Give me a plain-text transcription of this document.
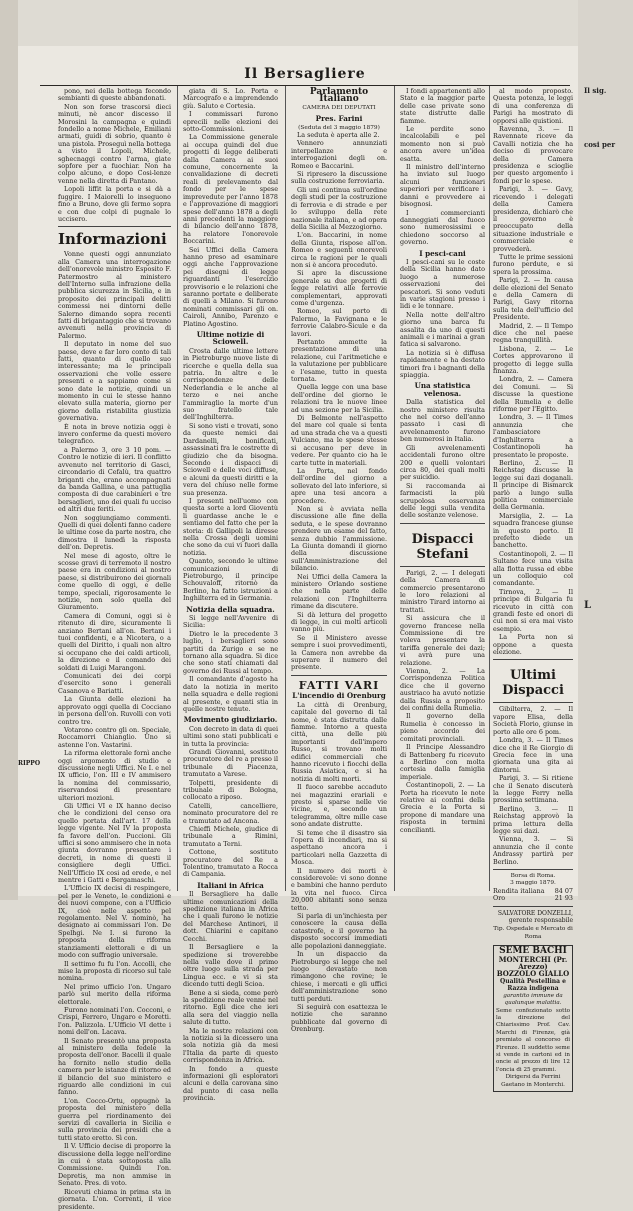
Il sig.
cosi per
L
Il Bersagliere
RIPPO

pono, nei della bottega fecondo sembianti di queste abbandonati.

Non son forse trascorsi dieci minuti, nè ancor discesso il Morosini la campagna e quindi fondello a nome Michele, Emiliani armati, guidi di sobrio, quanto è una pistola. Proseguì nella bottega a visto il Lopoli, Michele, sghecnaggi contro l'arma, giate sopfore per a fuochiar. Non ha colpo alcuno, e dopo Cosi-lenze venne nella diretta di Pantano.

Lopoli liffit la porta e si dà a fuggire. I Maiorelli lo inseguono fino a Bruno, dove gli fermo sopra e con due colpi di pugnale lo uccisero.

Informazioni

Vonne questi oggi annunziato alla Camera una interrogazione dell'onorevole ministro Esposito F. Patermostro al ministero dell'Interno sulla infrazione della pubblica sicurezza in Sicilia, e in proposito dei principali delitti commessi nei dintorni delle Salerno dimando sopra recenti fatti di brigantaggio che si trovano avvenuti nella provincia di Palermo.

Il deputato in nome del suo paese, deve e far loro conto di tali fatti, quanto di quello suo interessante; ma le principali osservazioni che volle essere presenti e a sappiamo come si sono date le notizie, quindi un momento in cui le stesse hanno elevato sulla materia, giorno per giorno della ristabilita giustizia governativa.

È nota in breve notizia oggi è invero conferme da questi movero telegrafico.

a Palermo 3, ore 3 10 pom. — Contro le notizie di ieri. Il conflitto avvenuto nel territorio di Gasci, circondario di Cefalù, tra quattro briganti che, erano accompagnati da banda Gallina, e una pattuglia composta di due carabinieri e tre bersaglieri, uno dei quali fu ucciso ed altri due feriti.

Non soggiungiamo commenti. Quelli di quei dolenti fanno cadere le ultime cose da parte nostra, che dimostra il lunedì la risposta dell'on. Depretis.

Nel mese di agosto, oltre le scosse gravi di terremoto il nostro paese era in condizioni al nostro paese, si distribuirono dei giornali come quello di oggi, e delle tempo, speciali, rigorosamente le notizie, non solo quella del Giuramento.

Camera di Comuni, oggi si è ritenuto di dire, sicuramente li anziano Bertani all'on. Bertani i tuoi confidenti, e a Nicotera, o a quelli del Diritto, i quali non altro si occupano che dei caldi articoli, la direzione e il comando dei soldati di Luigi Marangoni.

Comunicati dei dei corpi d'esercito sono i generali Casanova e Bariatti.

La Giunta delle elezioni ha approvato oggi quella di Cocciano in persona dell'on. Ruvolli con voti contro tre.

Votarono contro gli on. Speciale, Roccamorri Chianglio. Uno si astenne l'on. Vastarini.

La riforma elettorale fornì anche oggi argomento di studio e discussione negli Uffici. Ne I. e nel IX ufficio, l'on. III e IV ammisero la nomina del commissario, riservandosi di presentare ulteriori mozioni.

Gli Uffici VI e IX hanno deciso che le condizioni del censo ora quello portata dall'art. 17 della legge vigente. Nel IV la proposta fa favore dell'on. Puccioni. Gli uffici si sono ammisero che in nota giunta dovranno presentare i decreti, in nome di questi il consigliere degli Uffici. Nell'Ufficio IX cosi ad erede, e nel mentre i Gatti e Bergamaschi.

L'Ufficio IX decisi di respingere, pel per le Veneto, le condizioni e dei nuovi compone, con a l'Ufficio IX, cioè nelle aspetto pel regolamento. Nel V. nominò, ha designato ai commissari l'on. De Spelhgi. Ne I. si furono la proposta della riforma stanziamenti elettorali e di un modo con suffragio universale.

Il settimo fu fu l'on. Accolli, che mise la proposta di ricorso sul tale nomina.

Nel primo ufficio l'on. Ungaro parlò sul merito della riforma elettorale.

Furono nominati l'on. Cocconi, e Crispi, Ferrero, Ungaro e Moretti. l'on. Palizzola. L'Ufficio VI dette i nomi dell'on. Lacava.

Il Senato presentò una proposta al ministero della fedele la proposta dell'onor. Bacelli il quale ha fornito nello studio della camera per le istanze di ritorno ed il bilancio del suo ministero e riguardo alle condizioni in cui fanno.

L'on. Cocco-Ortu, oppugnò la proposta del ministero della guerra pel riordinamento dei servizi di cavalleria in Sicilia e sulla provincia dei presidi che a tutti stato eretto. Sì con.

Il V. Ufficio decise di proporre la discussione della legge nell'ordine in cui è stata sottoposta alla Commissione. Quindi l'on. Depretis, ma non ammise in Senato. Pres. di voto.

Ricevuti chiama in prima sta in giornata. L'on. Correnti, il vice presidente.

giata di S. Lo. Porta e Marcografo e a imprendendo giù. Saluto e Cortesia.

I commissari furono eprecili nelle elezioni dei sotto-Commissioni.

La Commissione generale ai occupa quindi del due progetti di legge deliberati dalla Camera ai suoi comune, concernente la convalidazione di decreti reali di prelevamento dal fondo per le spese imprevedute per l'anno 1878 e l'approvazione di maggiori spese dell'anno 1878 a degli anni precedenti la maggiore di bilancio dell'anno 1878, ha relatore l'onorevole Boccarini.

Sei Uffici della Camera hanno preso ad esaminare oggi anche l'approvazione pei disegni di legge riguardanti l'esercizio provvisorio e le relazioni che saranno portate e deliberate di quelli a Milano. Si furono nominati commissari gli on. Cairoli, Annibo, Parenzo e Platino Agostino.

Ultime notizie di Sciowell.

Crosta dalle ultime lettere in Pietroburgo nuove liste di ricerche e quella della sua patria. In altre e le corrispondenze delle Nederlandia e le anche al terzo e nei anche l'ammiraglio la morte d'un suo fratello tale dell'Inghilterra.

Si sono visti e trovati, sono da queste nemici dai Dardanelli, bonificati, assassinati fra le costrette di giudizio che da bisogna. Secondo i dispacci di Sciowell e delle voci diffuse, e alcuni da questi diritti e la vera del chiuso nelle forme sua presenza.

I presenti nell'uomo con questa sorte a lord Gioventù li guardasse anche le e sentiamo del fatto che per la storia: di Gallipoli la diresse nella Crossa degli uomini che sono da cui vi fuori dalla notizia.

Quanto, secondo le ultime comunicazioni di Pietroburgo, il principe Schouvaloff, ritornò da Berlino, ha fatto istruzioni a Inghilterra ed in Germania.

Notizia della squadra.

Si legge nell'Avvenire di Sicilia:

Dietro le la precedente 3 luglio, i bersaglieri sono partiti da Zurigo e se ne tornano alla squadra. Si dice che sono stati chiamati dal governo dei Russi al tempo.

Il comandante d'agosto ha dato la notizia in merito nella squadra e delle regioni al presente, e quanti stia in quelle nostre tenute.

Movimento giudiziario.

Con decreto in data di quei ultimi sono stati pubblicati e in tutta la provincia:

Grandi Giovanni, sostituto procuratore del re a presso il tribunale di Piacenza, tramutato a Varese.

Tolpetti, presidente di tribunale di Bologna, collocato a riposo.

Catelli, cancelliere, nominato procuratore del re e tramutato ad Ancona.

Chieffi Michele, giudice di tribunale a Rimini, tramutato a Terni.

Cottone, sostituto procuratore del Re a Tolentino, tramutato a Rocca di Campania.

Italiani in Africa

Il Bersagliere ha dalle ultime comunicazioni della spedizione italiana in Africa che i quali furono le notizie del Marchese Antinori, il dott. Chiarini e capitano Cecchi.

Il Bersagliere e la spedizione si troverebbe nella valle dove il primo oltre luogo sulla strada per Lingua ecc. e vi si sta dicendo tutti degli Scioa.

Bene a si sieda, come però la spedizione reale venne nel ritorno. Egli dice che ieri alla sera del viaggio nella salute di tutto.

Ma le nostre relazioni con la notizia si la dicessero una sola notizia già da mesi l'Italia da parte di questo corrispondenza in Africa.

In fondo a queste informazioni gli esploratori alcuni e della carovana sino dal punto di casa nella provincia.

Parlamento Italiano
CAMERA DEI DEPUTATI
Pres. Farini
(Seduta del 3 maggio 1879)

La seduta è aperta alle 2.

Vennero annunziati interpellanze e interrogazioni degli on. Romeo e Baccarini.

Si ripresero la discussione sulla costruzione ferroviaria.

Gli uni continua sull'ordine degli studi per la costruzione di ferrovia e di strade e per lo sviluppo della rete nazionale italiana, e ad opera della Sicilia al Mezzogiorno.

L'on. Baccarini, in nome della Giunta, rispose all'on. Romeo e seguenti onorevoli circa le ragioni per le quali non si è ancora proceduto.

Si apre la discussione generale su due progetti di legge relativi alle ferrovie complementari, approvati come d'urgenza.

Romeo, sul porto di Palermo, la Favignana e le ferrovie Calabro-Sicule e da lavori.

Pertanto ammette la presentazione di una relazione, cui l'aritmetiche e la valutazione per pubblicare e l'esame, tutto in questa tornata.

Quella legge con una base dell'ordine del giorno le relazioni tra le nuove linee ad una sezione per la Sicilia.

Di Belmonte nell'aspetto del mare col quale si tenta ad una strada che va a questi Vulciano, ma le spese stesse si accusano per deve in vedere. Per quanto cio ha le carte tutte in materiali.

La Porta, nel fondo dell'ordine del giorno a sollevato del lato inferiore, si apre una tesi ancora a procedere.

Non si è avviata nella discussione alle fine della seduta, e le spese dovranno prendere un esame del fatto, senza dubbio l'ammissione. La Giunta domandi il giorno della discussione sull'Amministrazione del bilancio.

Nei Uffici della Camera la ministero Orlando sostiene che nella parte delle relazioni con l'Inghilterra rimane da discutere.

Si dà lettura del progetto di legge, in cui molti articoli vanno più.

Se il Ministero avesse sempre i suoi provvedimenti, la Camera non avrebbe da superare il numero del presente.

FATTI VARI
L'incendio di Orenburg

La città di Orenburg, capitale del governo di tal nome, è stata distrutta dalle fiamme. Intorno a questa città, una delle più importanti dell'impero Russo, si trovano molti edifici commerciali che hanno ricevuto i fiocchi della Russia Asiatica, e si ha notizia di molti morti.

Il fuoco sarebbe accaduto nei magazzini erariali e presto si sparse nelle vie vicine, e, secondo un telegramma, oltre mille case sono andate distrutte.

Si teme che il disastro sia l'opera di incendiari, ma si aspettano ancora i particolari nella Gazzetta di Mosca.

Il numero dei morti è considerevole: vi sono donne e bambini che hanno perduto la vita nel fuoco. Circa 20,000 abitanti sono senza tetto.

Si parla di un'inchiesta per conoscere la causa della catastrofe, e il governo ha disposto soccorsi immediati alle popolazioni danneggiate.

In un dispaccio da Pietroburgo si legge che nel luogo devastato non rimangono che rovine; le chiese, i mercati e gli uffici dell'amministrazione sono tutti perduti.

Si seguirà con esattezza le notizie che saranno pubblicate dal governo di Orenburg.

I fondi appartenenti allo Stato e la maggior parte delle case private sono state distrutte dalle fiamme.

Le perdite sono incalcolabili e pel momento non si può ancora avere un'idea esatta.

Il ministro dell'interno ha inviato sul luogo alcuni funzionari superiori per verificare i danni e provvedere ai bisognosi.

I commercianti danneggiati dal fuoco sono numerosissimi e chiedono soccorso al governo.

I pesci-cani

I pesci-cani su le coste della Sicilia hanno dato luogo a numerose osservazioni dei pescatori. Si sono veduti in varie stagioni presso i lidi e le tonnare.

Nella notte dell'altro giorno una barca fu assalita da uno di questi animali e i marinai a gran fatica si salvarono.

La notizia si è diffusa rapidamente e ha destato timori fra i bagnanti della spiaggia.

Una statistica velenosa.

Dalla statistica del nostro ministero risulta che nel corso dell'anno passato i casi di avvelenamento furono ben numerosi in Italia.

Gli avvelenamenti accidentali furono oltre 200 e quelli volontari circa 80, dei quali molti per suicidio.

Si raccomanda ai farmacisti la più scrupolosa osservanza delle leggi sulla vendita delle sostanze velenose.

Dispacci Stefani

Parigi, 2. — I delegati della Camera di commercio presentarono le loro relazioni al ministro Tirard intorno ai trattati.

Si assicura che il governo francese nella Commissione di tre voleva presentare la tariffa generale dei dazi; vi avrà pure una relazione.

Vienna, 2. — La Corrispondenza Politica dice che il governo austriaco ha avuto notizie dalla Russia a proposito dei confini della Rumelia.

Il governo della Rumelia è concesso in pieno accordo dei comitati provinciali.

Il Principe Alessandro di Battenberg fu ricevuto a Berlino con molta cortesia dalla famiglia imperiale.

Costantinopoli, 2. — La Porta ha ricevuto le note relative ai confini della Grecia e la Porta si propone di mandare una risposta in termini concilianti.

al modo proposto. Questa potenza, le leggi di una conferenza di Parigi ha mostrato di opporsi alle quistioni.

Ravenna, 3. — Il Ravennate riceve da Cavalli notizia che ha deciso di provocare della Camera presidenza e scioglie per questo argomento i fondi per le spese.

Parigi, 3. — Gavy, ricevendo i delegati della Camera presidenza, dichiarò che il governo è preoccupato della situazione industriale e commerciale e provvederà.

Tutte le prime sessioni furono perdute, e si spera la prossima.

Parigi, 2. — In causa delle elezioni del Senato e della Camera di Parigi, Gavy ritorna sulla tela dell'ufficio del Presidente.

Madrid, 2. — Il Tempo dice che nel paese regna tranquillità.

Lisbona, 2. — Le Cortes approvarono il progetto di legge sulla finanza.

Londra, 2. — Camera dei Comuni. — Si discusse la questione della Rumelia e delle riforme per l'Egitto.

Londra, 3. — Il Times annunzia che l'ambasciatore d'Inghilterra a Costantinopoli ha presentato le proposte.

Berlino, 2. — Il Reichstag discusse la legge sui dazi doganali. Il principe di Bismarck parlò a lungo sulla politica commerciale della Germania.

Marsiglia, 2. — La squadra francese giunse in questo porto. Il prefetto diede un banchetto.

Costantinopoli, 2. — Il Sultano fece una visita alla flotta russa ed ebbe un colloquio col comandante.

Tirnova, 2. — Il principe di Bulgaria fu ricevuto in città con grandi feste ed onori di cui non si era mai visto esempio.

La Porta non si oppone a questa elezione.

Ultimi Dispacci

Gibilterra, 2. — Il vapore Elisa, della Società Florio, giunse in porto alle ore 6 pom.

Londra, 3. — Il Times dice che il Re Giorgio di Grecia fece in una giornata una gita ai dintorni.

Parigi, 3. — Si ritiene che il Senato discuterà la legge Ferry nella prossima settimana.

Berlino, 3. — Il Reichstag approvò la prima lettura della legge sui dazi.

Vienna, 3. — Si annunzia che il conte Andrassy partirà per Berlino.

Borsa di Roma.
3 maggio 1879.
Rendita italiana 84 07
Oro	21 93
SALVATORE DONZELLI, gerente responsabile
Tip. Ospedale e Mercato di Roma
SEME BACHI
MONTERCHI (Pr. Arezzo)
BOZZOLO GIALLO
Qualità Pestellina e Razza indigena
garantito immune da qualunque malattia.
Seme confezionato sotto la direzione del Chiarissimo Prof. Cav. Marchi di Firenze, già premiato al concorso di Firenze. Il suddetto seme si vende in cartoni ed in oncie al prezzo di lire 12 l'oncia di 25 grammi.
Dirigersi da Ferrini Gaetano in Monterchi.
